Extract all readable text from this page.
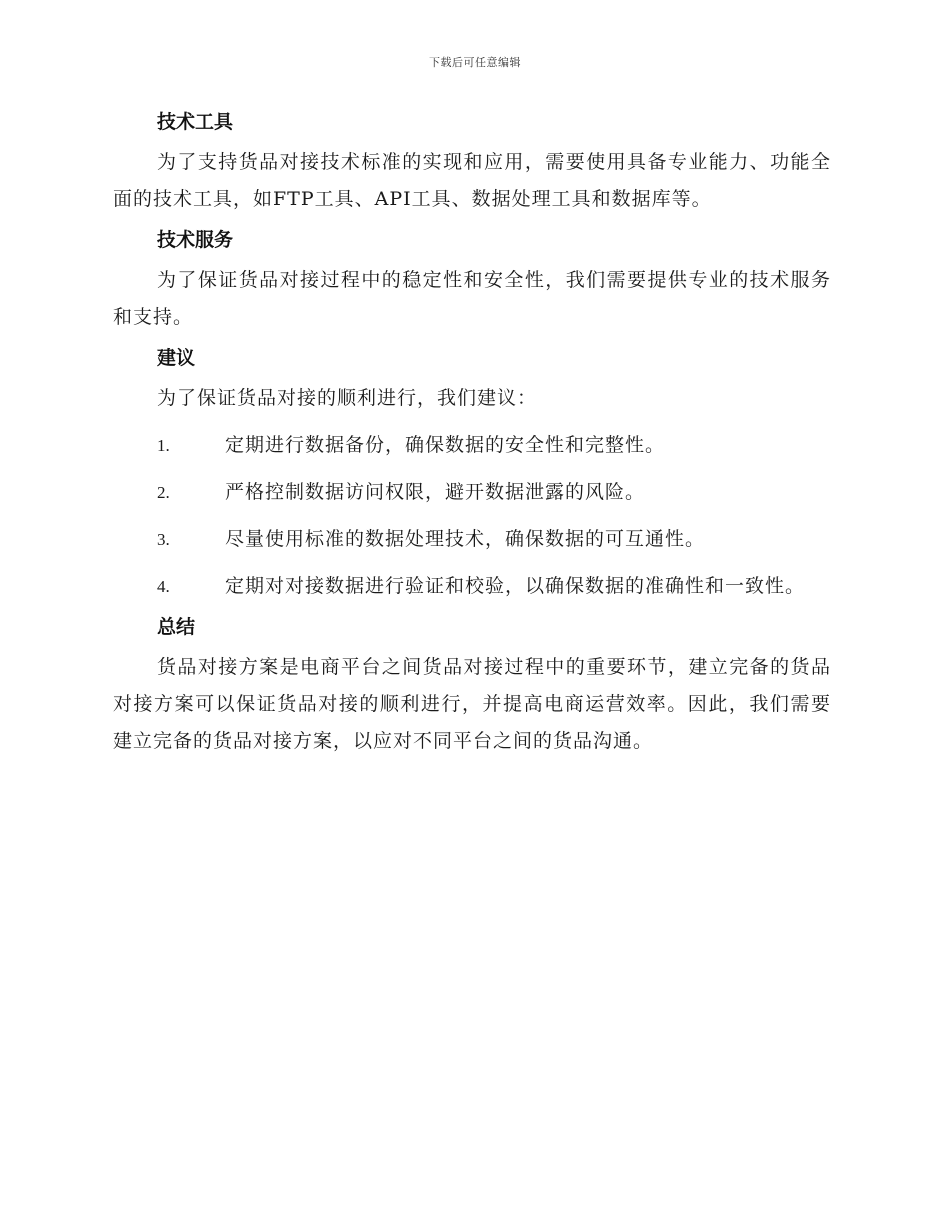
下载后可任意编辑
技术工具

为了支持货品对接技术标准的实现和应用，需要使用具备专业能力、功能全面的技术工具，如FTP工具、API工具、数据处理工具和数据库等。

技术服务

为了保证货品对接过程中的稳定性和安全性，我们需要提供专业的技术服务和支持。

建议

为了保证货品对接的顺利进行，我们建议：

1.	定期进行数据备份，确保数据的安全性和完整性。

2.	严格控制数据访问权限，避开数据泄露的风险。

3.	尽量使用标准的数据处理技术，确保数据的可互通性。

4.	定期对对接数据进行验证和校验，以确保数据的准确性和一致性。

总结

货品对接方案是电商平台之间货品对接过程中的重要环节，建立完备的货品对接方案可以保证货品对接的顺利进行，并提高电商运营效率。因此，我们需要建立完备的货品对接方案，以应对不同平台之间的货品沟通。
